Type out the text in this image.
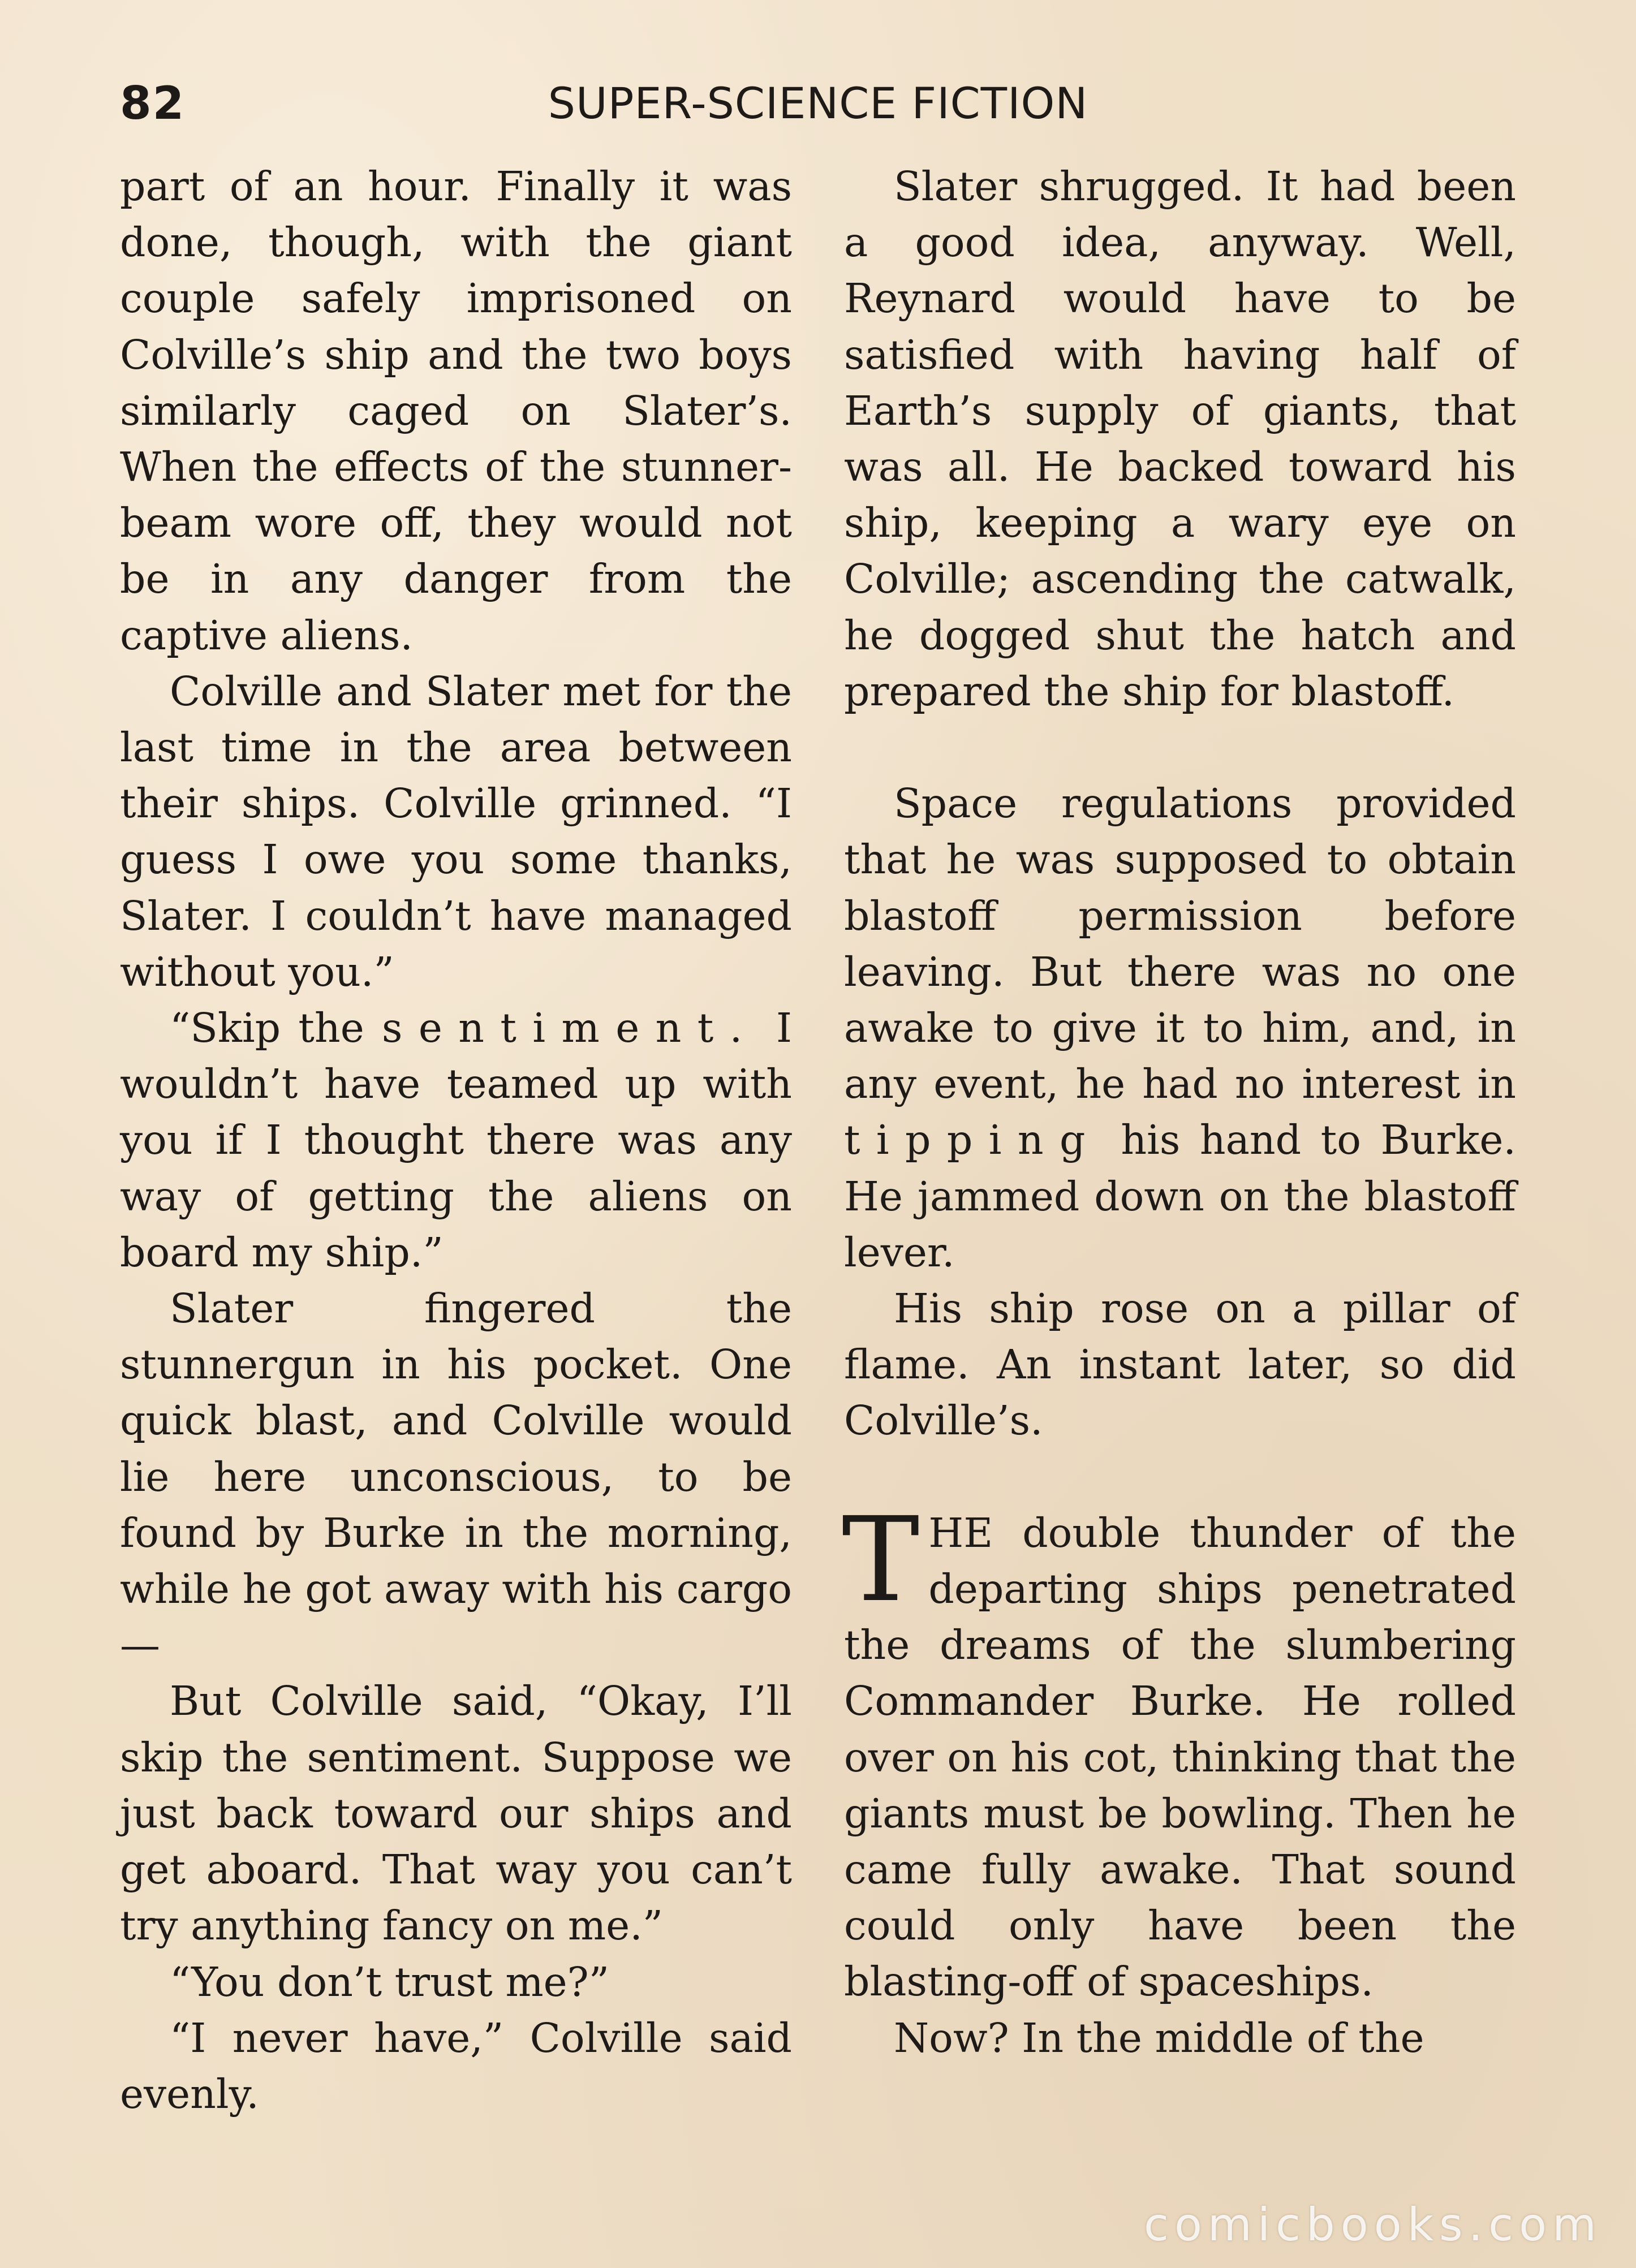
82	SUPER-SCIENCE FICTION

part of an hour. Finally it was done, though, with the giant couple safely imprisoned on Colville’s ship and the two boys similarly caged on Slater’s. When the effects of the stunner-beam wore off, they would not be in any danger from the captive aliens.

Colville and Slater met for the last time in the area between their ships. Colville grinned. “I guess I owe you some thanks, Slater. I couldn’t have managed without you.”

“Skip the sentiment. I wouldn’t have teamed up with you if I thought there was any way of getting the aliens on board my ship.”

Slater fingered the stunnergun in his pocket. One quick blast, and Colville would lie here unconscious, to be found by Burke in the morning, while he got away with his cargo—

But Colville said, “Okay, I’ll skip the sentiment. Suppose we just back toward our ships and get aboard. That way you can’t try anything fancy on me.”

“You don’t trust me?”

“I never have,” Colville said evenly.

Slater shrugged. It had been a good idea, anyway. Well, Reynard would have to be satisfied with having half of Earth’s supply of giants, that was all. He backed toward his ship, keeping a wary eye on Colville; ascending the catwalk, he dogged shut the hatch and prepared the ship for blastoff.

Space regulations provided that he was supposed to obtain blastoff permission before leaving. But there was no one awake to give it to him, and, in any event, he had no interest in tipping his hand to Burke. He jammed down on the blastoff lever.

His ship rose on a pillar of flame. An instant later, so did Colville’s.

THE double thunder of the departing ships penetrated the dreams of the slumbering Commander Burke. He rolled over on his cot, thinking that the giants must be bowling. Then he came fully awake. That sound could only have been the blasting-off of spaceships.

Now? In the middle of the

comicbooks.com
